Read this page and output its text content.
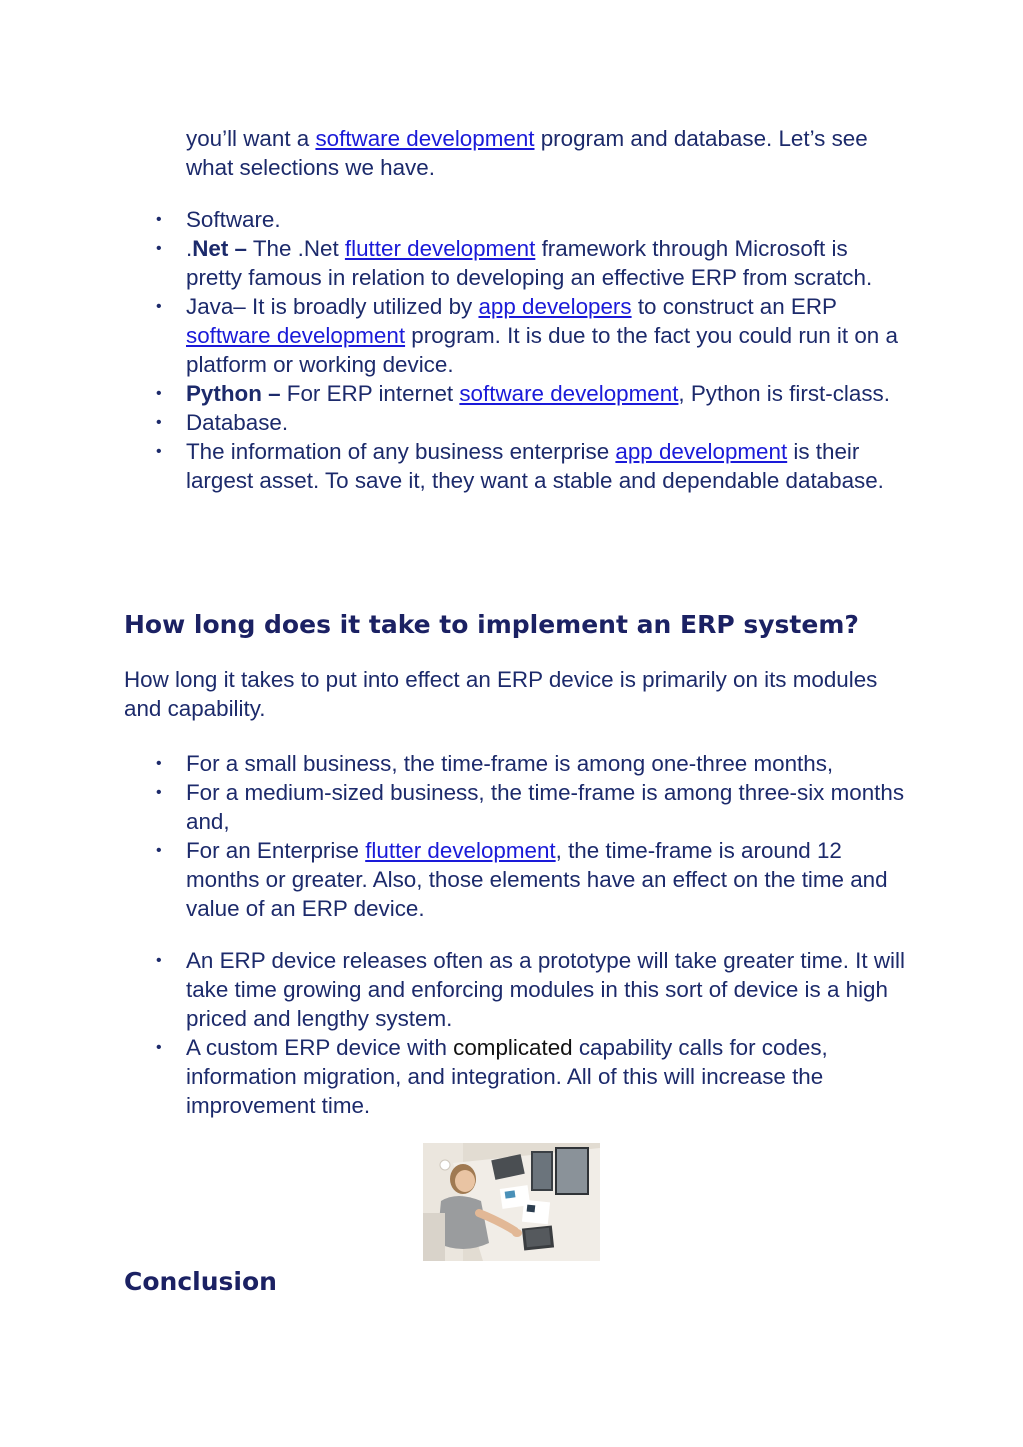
you’ll want a software development program and database. Let’s see what selections we have.

• Software.
• .Net – The .Net flutter development framework through Microsoft is pretty famous in relation to developing an effective ERP from scratch.
• Java– It is broadly utilized by app developers to construct an ERP software development program. It is due to the fact you could run it on a platform or working device.
• Python – For ERP internet software development, Python is first-class.
• Database.
• The information of any business enterprise app development is their largest asset. To save it, they want a stable and dependable database.
How long does it take to implement an ERP system?

How long it takes to put into effect an ERP device is primarily on its modules and capability.

• For a small business, the time-frame is among one-three months,
• For a medium-sized business, the time-frame is among three-six months and,
• For an Enterprise flutter development, the time-frame is around 12 months or greater. Also, those elements have an effect on the time and value of an ERP device.
• An ERP device releases often as a prototype will take greater time. It will take time growing and enforcing modules in this sort of device is a high priced and lengthy system.
• A custom ERP device with complicated capability calls for codes, information migration, and integration. All of this will increase the improvement time.
Conclusion
